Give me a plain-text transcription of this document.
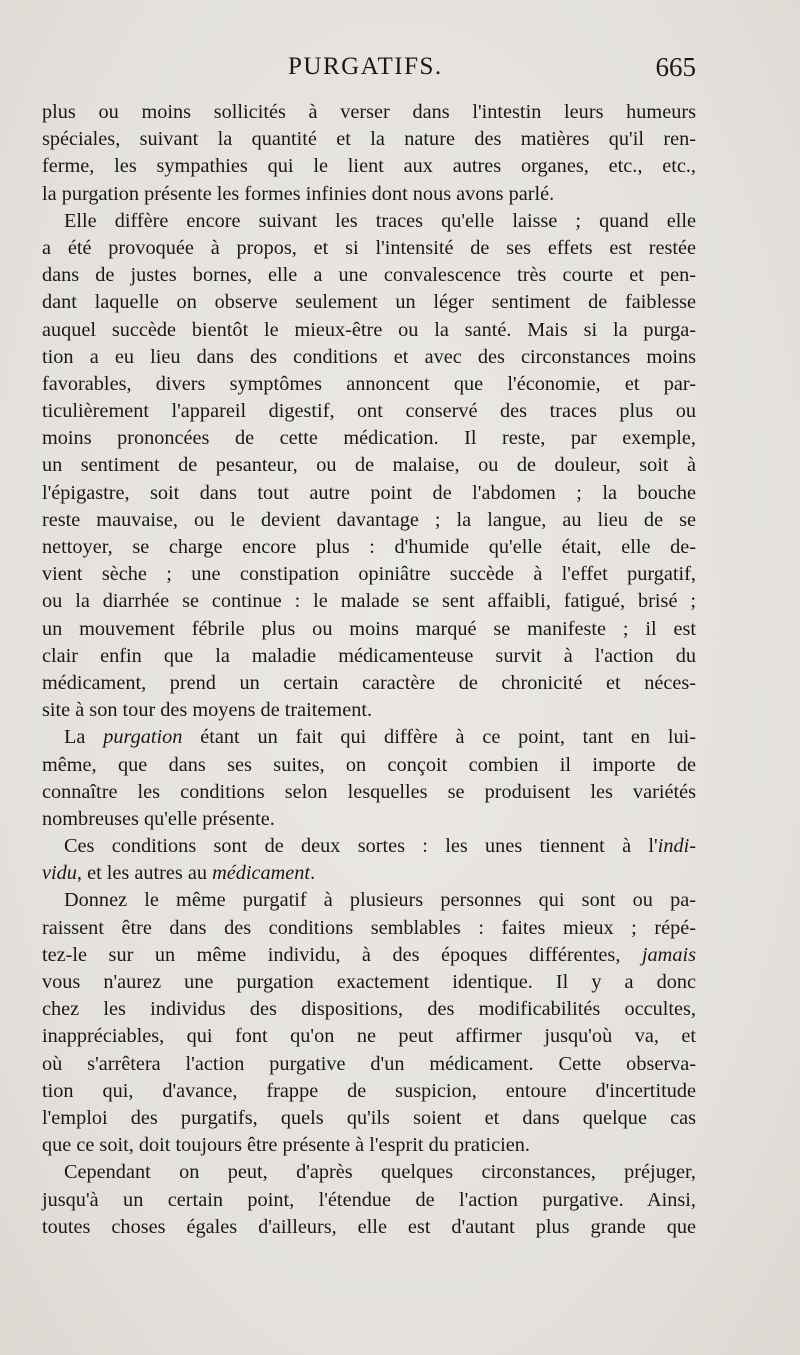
PURGATIFS.	665
plus ou moins sollicités à verser dans l'intestin leurs humeurs
spéciales, suivant la quantité et la nature des matières qu'il ren-
ferme, les sympathies qui le lient aux autres organes, etc., etc.,
la purgation présente les formes infinies dont nous avons parlé.
Elle diffère encore suivant les traces qu'elle laisse ; quand elle
a été provoquée à propos, et si l'intensité de ses effets est restée
dans de justes bornes, elle a une convalescence très courte et pen-
dant laquelle on observe seulement un léger sentiment de faiblesse
auquel succède bientôt le mieux-être ou la santé. Mais si la purga-
tion a eu lieu dans des conditions et avec des circonstances moins
favorables, divers symptômes annoncent que l'économie, et par-
ticulièrement l'appareil digestif, ont conservé des traces plus ou
moins prononcées de cette médication. Il reste, par exemple,
un sentiment de pesanteur, ou de malaise, ou de douleur, soit à
l'épigastre, soit dans tout autre point de l'abdomen ; la bouche
reste mauvaise, ou le devient davantage ; la langue, au lieu de se
nettoyer, se charge encore plus : d'humide qu'elle était, elle de-
vient sèche ; une constipation opiniâtre succède à l'effet purgatif,
ou la diarrhée se continue : le malade se sent affaibli, fatigué, brisé ;
un mouvement fébrile plus ou moins marqué se manifeste ; il est
clair enfin que la maladie médicamenteuse survit à l'action du
médicament, prend un certain caractère de chronicité et néces-
site à son tour des moyens de traitement.
La purgation étant un fait qui diffère à ce point, tant en lui-
même, que dans ses suites, on conçoit combien il importe de
connaître les conditions selon lesquelles se produisent les variétés
nombreuses qu'elle présente.
Ces conditions sont de deux sortes : les unes tiennent à l'indi-
vidu, et les autres au médicament.
Donnez le même purgatif à plusieurs personnes qui sont ou pa-
raissent être dans des conditions semblables : faites mieux ; répé-
tez-le sur un même individu, à des époques différentes, jamais
vous n'aurez une purgation exactement identique. Il y a donc
chez les individus des dispositions, des modificabilités occultes,
inappréciables, qui font qu'on ne peut affirmer jusqu'où va, et
où s'arrêtera l'action purgative d'un médicament. Cette observa-
tion qui, d'avance, frappe de suspicion, entoure d'incertitude
l'emploi des purgatifs, quels qu'ils soient et dans quelque cas
que ce soit, doit toujours être présente à l'esprit du praticien.
Cependant on peut, d'après quelques circonstances, préjuger,
jusqu'à un certain point, l'étendue de l'action purgative. Ainsi,
toutes choses égales d'ailleurs, elle est d'autant plus grande que
